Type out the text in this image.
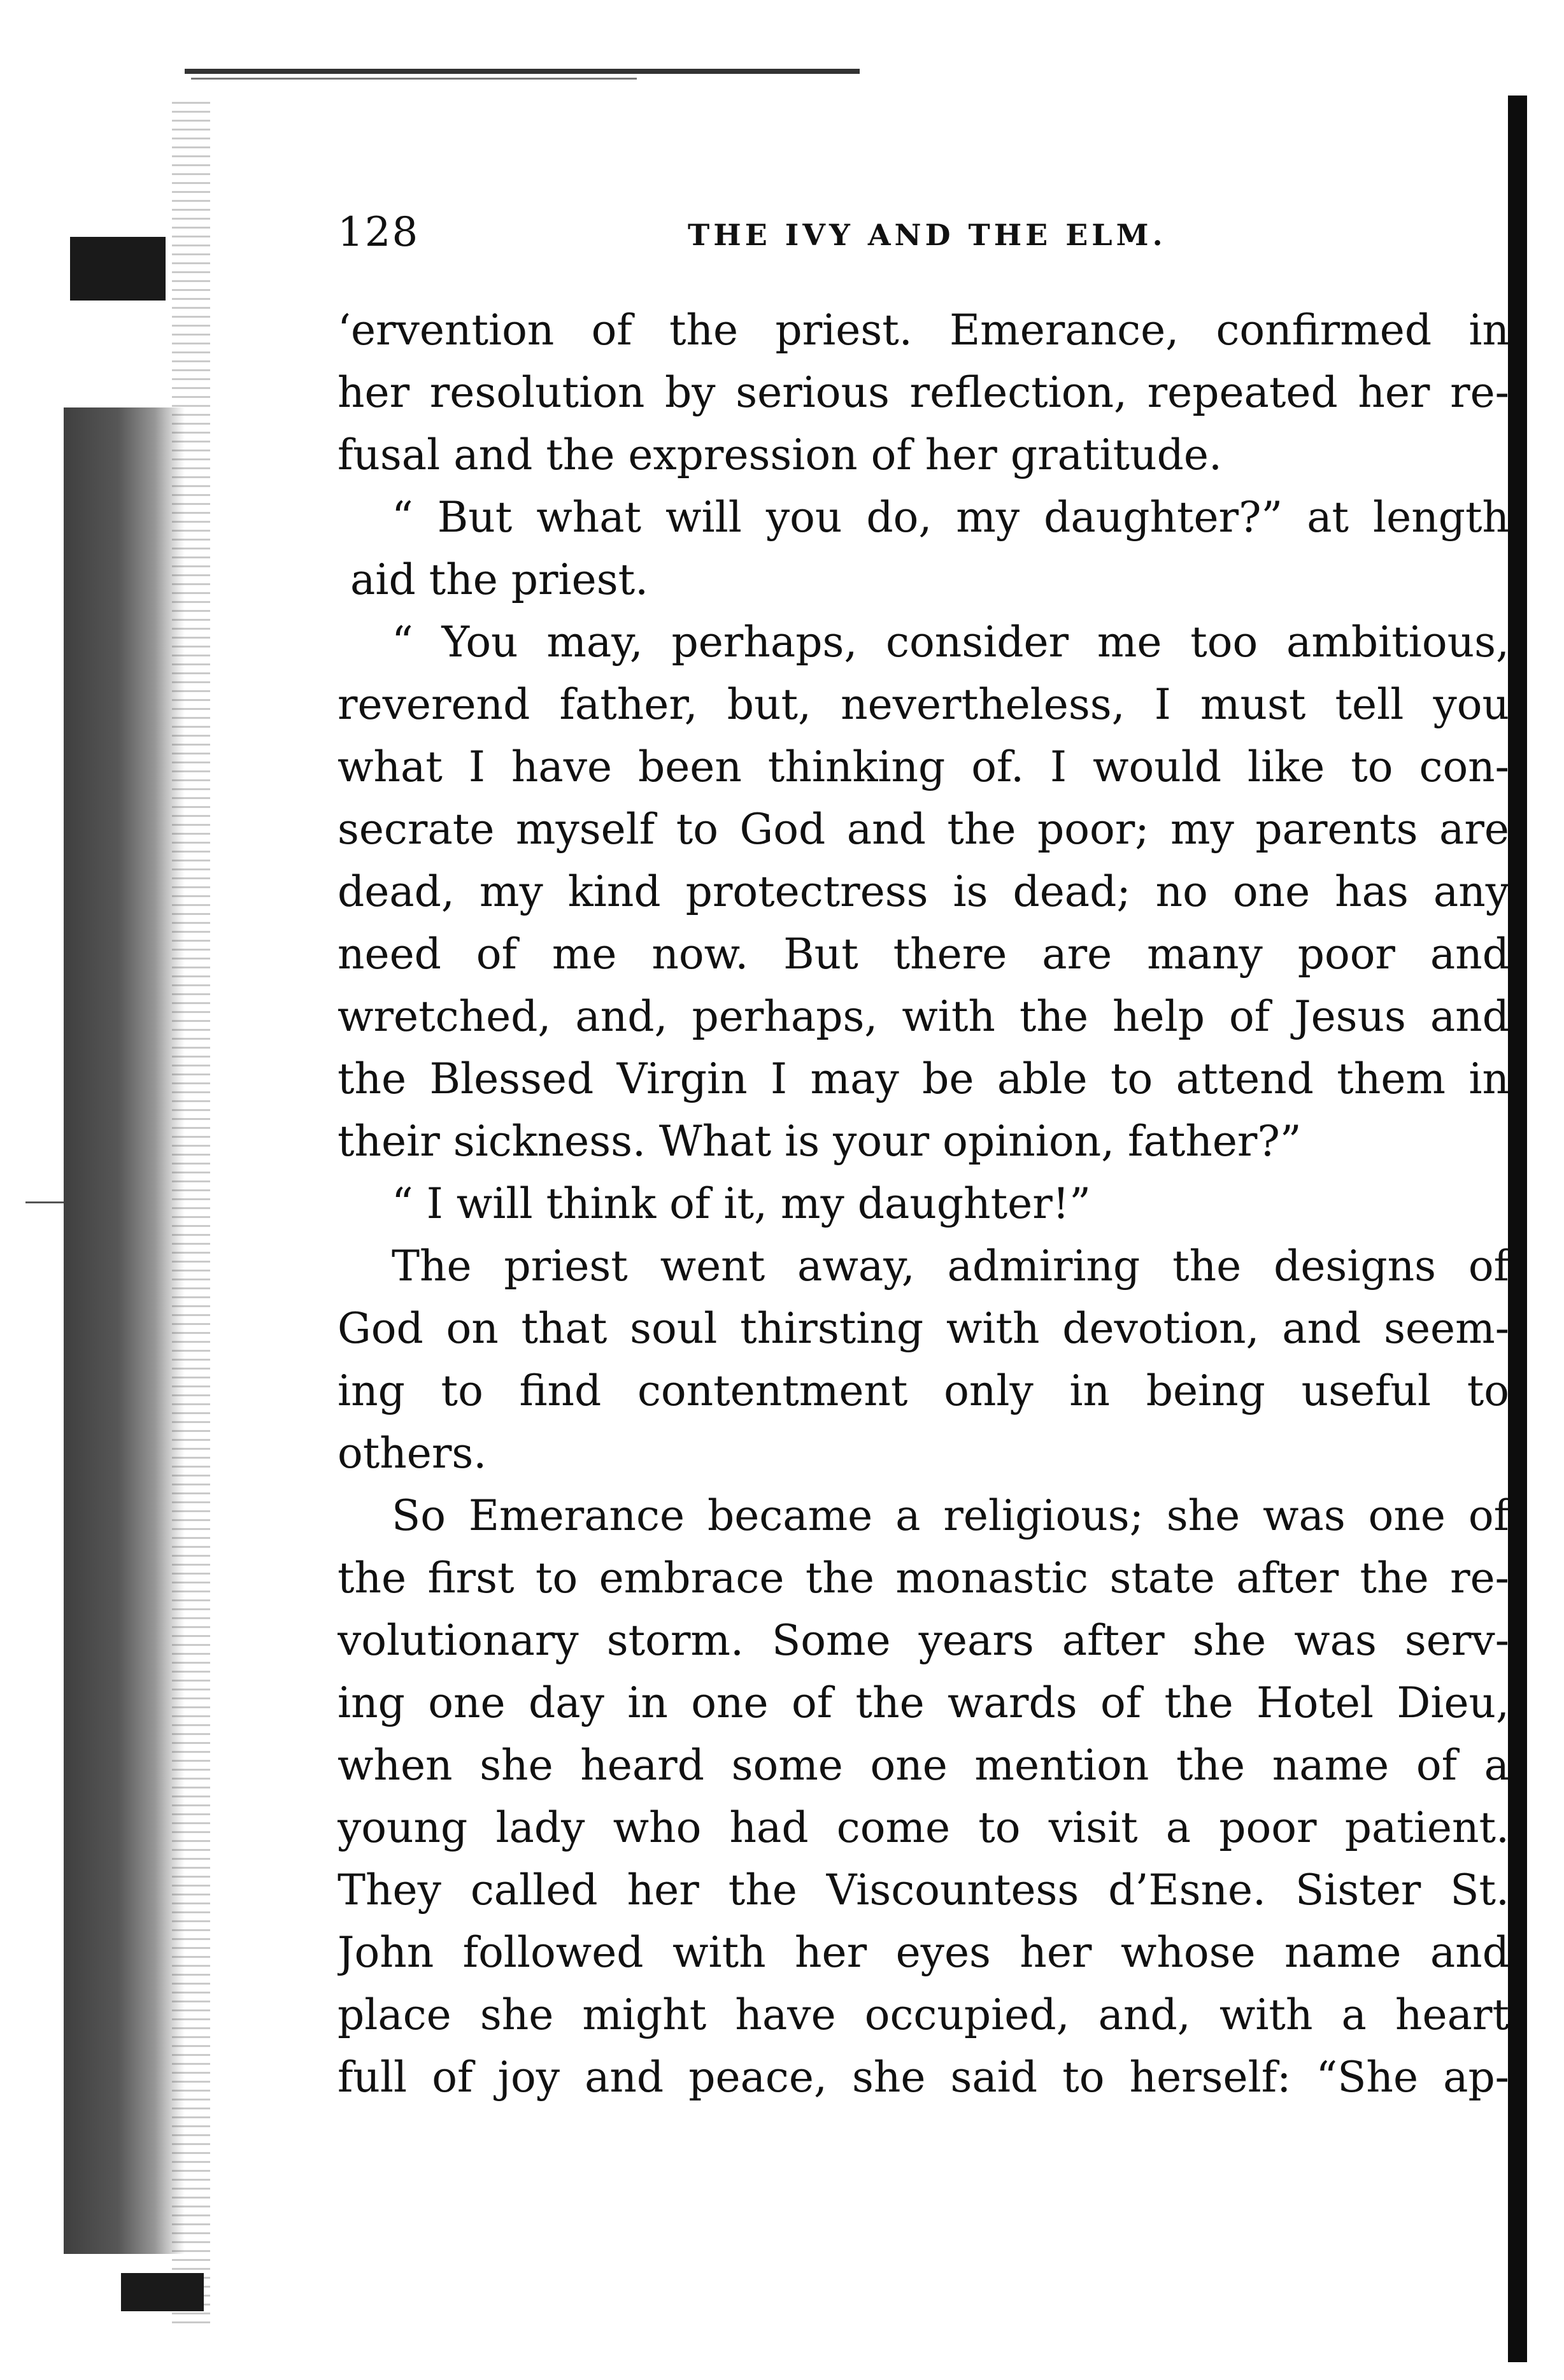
128	THE IVY AND THE ELM.
‘ervention of the priest. Emerance, confirmed in
her resolution by serious reflection, repeated her re-
fusal and the expression of her gratitude.
“ But what will you do, my daughter?” at length
aid the priest.
“ You may, perhaps, consider me too ambitious,
reverend father, but, nevertheless, I must tell you
what I have been thinking of. I would like to con-
secrate myself to God and the poor; my parents are
dead, my kind protectress is dead; no one has any
need of me now. But there are many poor and
wretched, and, perhaps, with the help of Jesus and
the Blessed Virgin I may be able to attend them in
their sickness. What is your opinion, father?”
“ I will think of it, my daughter!”
The priest went away, admiring the designs of
God on that soul thirsting with devotion, and seem-
ing to find contentment only in being useful to
others.
So Emerance became a religious; she was one of
the first to embrace the monastic state after the re-
volutionary storm. Some years after she was serv-
ing one day in one of the wards of the Hotel Dieu,
when she heard some one mention the name of a
young lady who had come to visit a poor patient.
They called her the Viscountess d’Esne. Sister St.
John followed with her eyes her whose name and
place she might have occupied, and, with a heart
full of joy and peace, she said to herself: “She ap-
